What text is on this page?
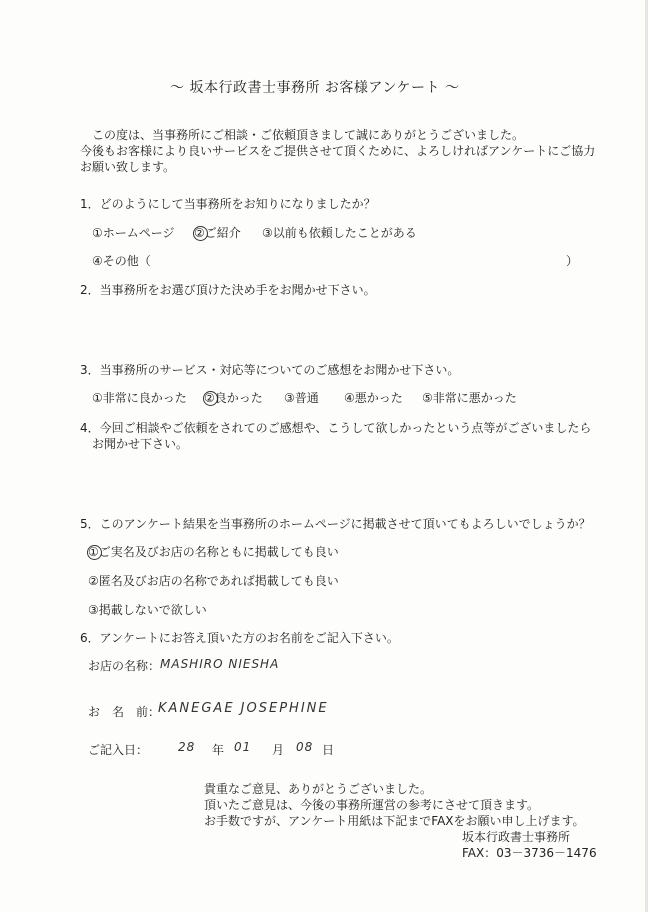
～ 坂本行政書士事務所 お客様アンケート ～
この度は、当事務所にご相談・ご依頼頂きまして誠にありがとうございました。
今後もお客様により良いサービスをご提供させて頂くために、よろしければアンケートにご協力
お願い致します。
1．どのようにして当事務所をお知りになりましたか？
①ホームページ ②ご紹介 ③以前も依頼したことがある
④その他（	）
2．当事務所をお選び頂けた決め手をお聞かせ下さい。
3．当事務所のサービス・対応等についてのご感想をお聞かせ下さい。
①非常に良かった ②良かった ③普通 ④悪かった ⑤非常に悪かった
4．今回ご相談やご依頼をされてのご感想や、こうして欲しかったという点等がございましたら
　お聞かせ下さい。
5．このアンケート結果を当事務所のホームページに掲載させて頂いてもよろしいでしょうか？
①ご実名及びお店の名称ともに掲載しても良い
②匿名及びお店の名称であれば掲載しても良い
③掲載しないで欲しい
6．アンケートにお答え頂いた方のお名前をご記入下さい。
お店の名称： MASHIRO NIESHA
お　名　前：
KANEGAE JOSEPHINE
ご記入日： 28 年 01 月 08 日
貴重なご意見、ありがとうございました。
頂いたご意見は、今後の事務所運営の参考にさせて頂きます。
お手数ですが、アンケート用紙は下記までFAXをお願い申し上げます。
坂本行政書士事務所
FAX：03－3736－1476
